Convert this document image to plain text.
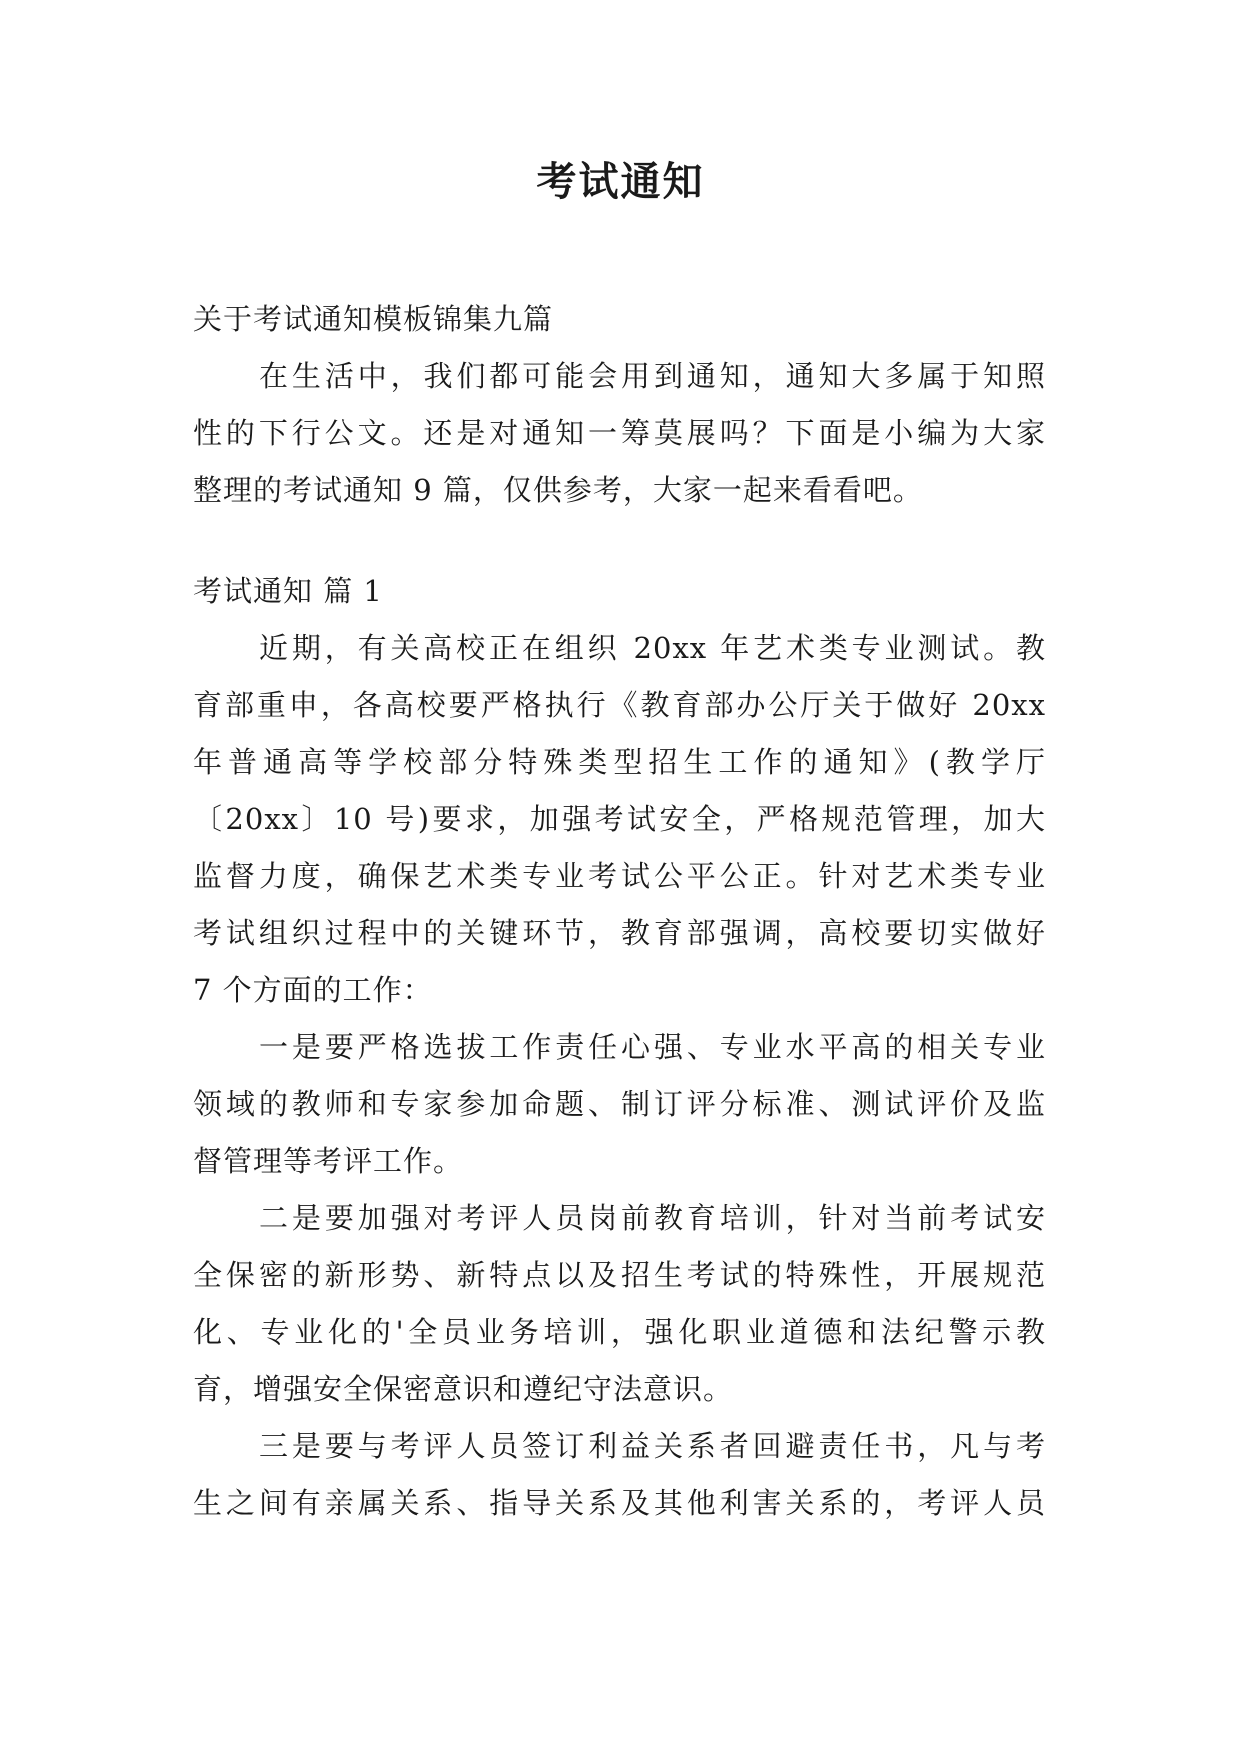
考试通知

关于考试通知模板锦集九篇

在生活中，我们都可能会用到通知，通知大多属于知照

性的下行公文。还是对通知一筹莫展吗？下面是小编为大家

整理的考试通知 9 篇，仅供参考，大家一起来看看吧。

考试通知 篇 1

近期，有关高校正在组织 20xx 年艺术类专业测试。教

育部重申，各高校要严格执行《教育部办公厅关于做好 20xx

年普通高等学校部分特殊类型招生工作的通知》(教学厅

〔20xx〕10 号)要求，加强考试安全，严格规范管理，加大

监督力度，确保艺术类专业考试公平公正。针对艺术类专业

考试组织过程中的关键环节，教育部强调，高校要切实做好

7 个方面的工作：

一是要严格选拔工作责任心强、专业水平高的相关专业

领域的教师和专家参加命题、制订评分标准、测试评价及监

督管理等考评工作。

二是要加强对考评人员岗前教育培训，针对当前考试安

全保密的新形势、新特点以及招生考试的特殊性，开展规范

化、专业化的'全员业务培训，强化职业道德和法纪警示教

育，增强安全保密意识和遵纪守法意识。

三是要与考评人员签订利益关系者回避责任书，凡与考

生之间有亲属关系、指导关系及其他利害关系的，考评人员
